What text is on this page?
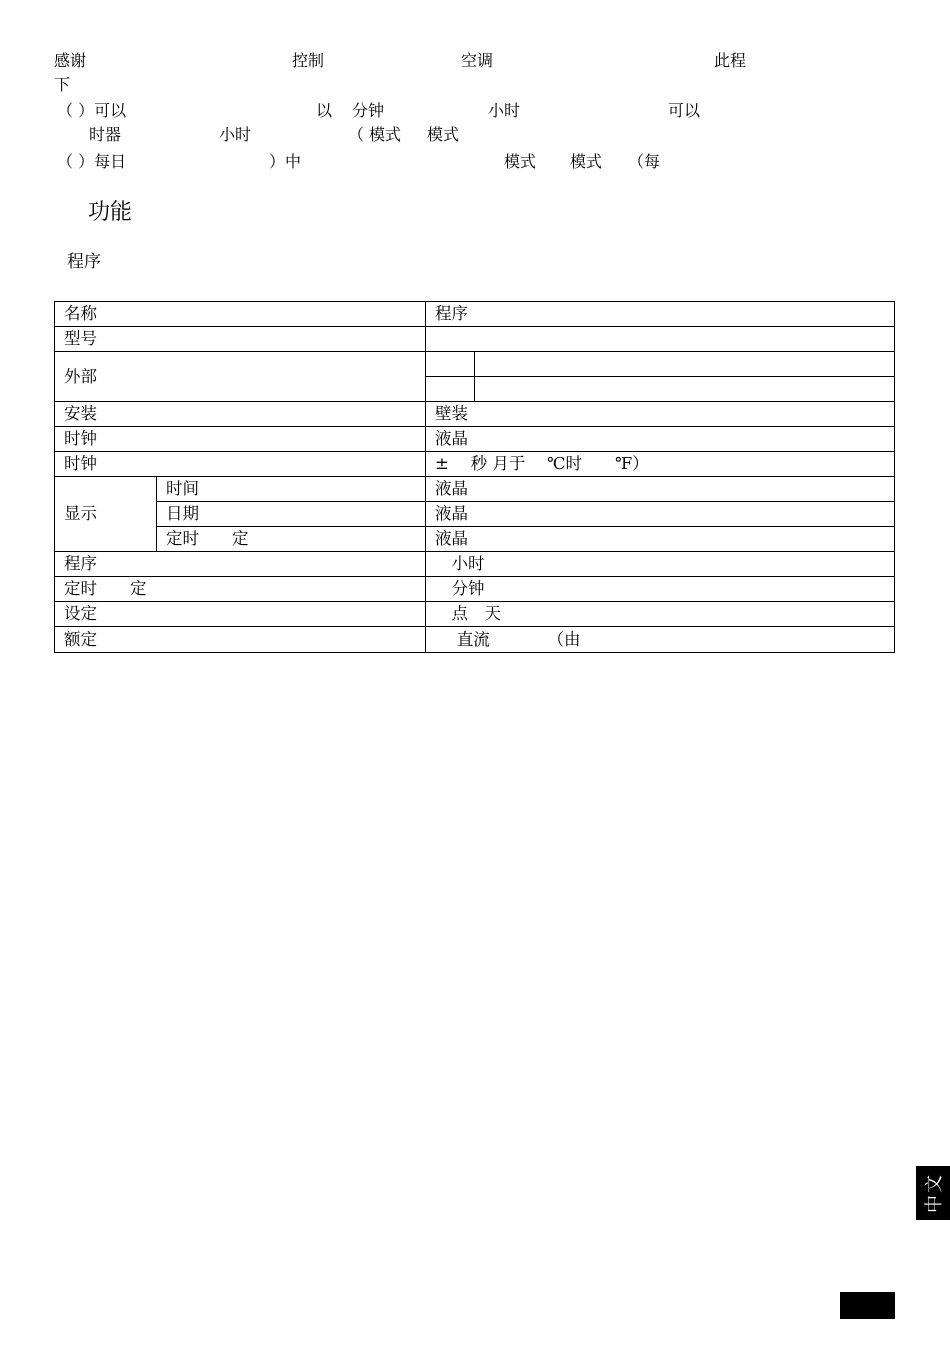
感谢	控制	空调	此程
下
（ ）可以	以 分钟	小时	可以
时器	小时	（ 模式 模式
（ ）每日	）中	模式 模式 （每
功能
程序
名称	程序
型号	
外部	

安装	壁装
时钟	液晶
时钟	±　 秒 月于　 ℃时　　℉）
显示	时间	液晶
日期	液晶
定时　　定	液晶
程序	　小时
定时　　定	　分钟
设定	　点　天
额定	　 直流　　　　（由
中文
